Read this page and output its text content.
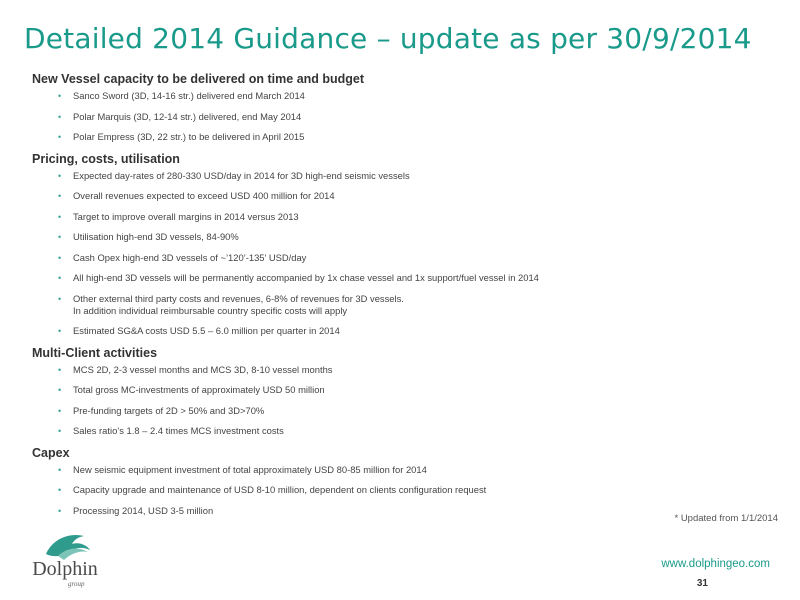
Detailed 2014 Guidance – update as per 30/9/2014
New Vessel capacity to be delivered on time and budget
• Sanco Sword (3D, 14-16 str.) delivered end March 2014
• Polar Marquis (3D, 12-14 str.) delivered, end May 2014
• Polar Empress (3D, 22 str.) to be delivered in April 2015
Pricing, costs, utilisation
• Expected day-rates of 280-330 USD/day in 2014 for 3D high-end seismic vessels
• Overall revenues expected to exceed USD 400 million for 2014
• Target to improve overall margins in 2014 versus 2013
• Utilisation high-end 3D vessels, 84-90%
• Cash Opex high-end 3D vessels of ~’120’-135’ USD/day
• All high-end 3D vessels will be permanently accompanied by 1x chase vessel and 1x support/fuel vessel in 2014
• Other external third party costs and revenues, 6-8% of revenues for 3D vessels.
In addition individual reimbursable country specific costs will apply
• Estimated SG&A costs USD 5.5 – 6.0 million per quarter in 2014
Multi-Client activities
• MCS 2D, 2-3 vessel months and MCS 3D, 8-10 vessel months
• Total gross MC-investments of approximately USD 50 million
• Pre-funding targets of 2D > 50% and 3D>70%
• Sales ratio’s 1.8 – 2.4 times MCS investment costs
Capex
• New seismic equipment investment of total approximately USD 80-85 million for 2014
• Capacity upgrade and maintenance of USD 8-10 million, dependent on clients configuration request
• Processing 2014, USD 3-5 million
* Updated from 1/1/2014
Dolphin
group
www.dolphingeo.com
31
